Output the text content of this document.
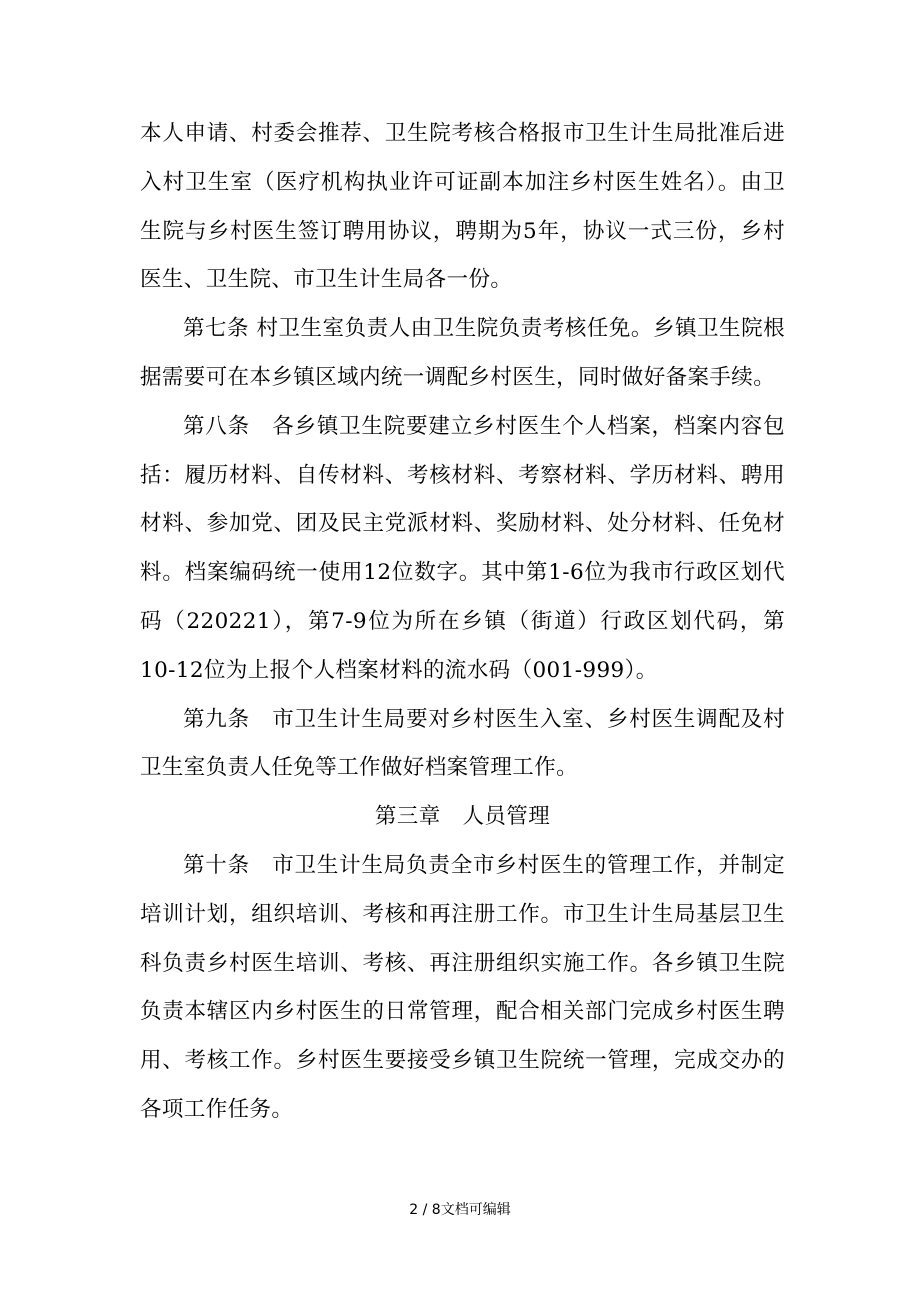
本人申请、村委会推荐、卫生院考核合格报市卫生计生局批准后进入村卫生室（医疗机构执业许可证副本加注乡村医生姓名）。由卫生院与乡村医生签订聘用协议，聘期为5年，协议一式三份，乡村医生、卫生院、市卫生计生局各一份。

第七条 村卫生室负责人由卫生院负责考核任免。乡镇卫生院根据需要可在本乡镇区域内统一调配乡村医生，同时做好备案手续。

第八条　各乡镇卫生院要建立乡村医生个人档案，档案内容包括：履历材料、自传材料、考核材料、考察材料、学历材料、聘用材料、参加党、团及民主党派材料、奖励材料、处分材料、任免材料。档案编码统一使用12位数字。其中第1-6位为我市行政区划代码（220221），第7-9位为所在乡镇（街道）行政区划代码，第10-12位为上报个人档案材料的流水码（001-999）。

第九条　市卫生计生局要对乡村医生入室、乡村医生调配及村卫生室负责人任免等工作做好档案管理工作。

第三章　人员管理

第十条　市卫生计生局负责全市乡村医生的管理工作，并制定培训计划，组织培训、考核和再注册工作。市卫生计生局基层卫生科负责乡村医生培训、考核、再注册组织实施工作。各乡镇卫生院负责本辖区内乡村医生的日常管理，配合相关部门完成乡村医生聘用、考核工作。乡村医生要接受乡镇卫生院统一管理，完成交办的各项工作任务。

2 / 8文档可编辑
